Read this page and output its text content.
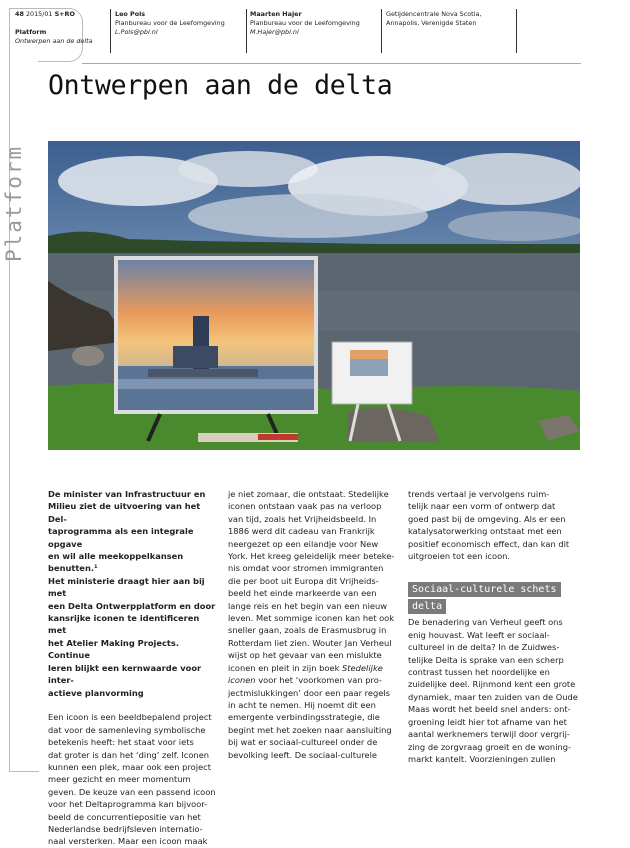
Platform
48 2015/01 S+RO
Platform
Ontwerpen aan de delta
Leo Pols
Planbureau voor de Leefomgeving
L.Pols@pbl.nl
Maarten Hajer
Planbureau voor de Leefomgeving
M.Hajer@pbl.nl
Getijdencentrale Nova Scotia,
Annapolis, Verenigde Staten
Ontwerpen aan de delta

De minister van Infrastructuur en

Milieu ziet de uitvoering van het Del-

taprogramma als een integrale opgave

en wil alle meekoppelkansen benutten.¹

Het ministerie draagt hier aan bij met

een Delta Ontwerpplatform en door

kansrijke iconen te identificeren met

het Atelier Making Projects. Continue

leren blijkt een kernwaarde voor inter-

actieve planvorming

Een icoon is een beeldbepalend project

dat voor de samenleving symbolische

betekenis heeft: het staat voor iets

dat groter is dan het ‘ding’ zelf. Iconen

kunnen een plek, maar ook een project

meer gezicht en meer momentum

geven. De keuze van een passend icoon

voor het Deltaprogramma kan bijvoor-

beeld de concurrentiepositie van het

Nederlandse bedrijfsleven internatio-

naal versterken. Maar een icoon maak

je niet zomaar, die ontstaat. Stedelijke

iconen ontstaan vaak pas na verloop

van tijd, zoals het Vrijheidsbeeld. In

1886 werd dit cadeau van Frankrijk

neergezet op een eilandje voor New

York. Het kreeg geleidelijk meer beteke-

nis omdat voor stromen immigranten

die per boot uit Europa dit Vrijheids-

beeld het einde markeerde van een

lange reis en het begin van een nieuw

leven. Met sommige iconen kan het ook

sneller gaan, zoals de Erasmusbrug in

Rotterdam liet zien. Wouter Jan Verheul

wijst op het gevaar van een mislukte

iconen en pleit in zijn boek Stedelijke

iconen voor het ‘voorkomen van pro-

jectmislukkingen’ door een paar regels

in acht te nemen. Hij noemt dit een

emergente verbindingsstrategie, die

begint met het zoeken naar aansluiting

bij wat er sociaal-cultureel onder de

bevolking leeft. De sociaal-culturele

trends vertaal je vervolgens ruim-

telijk naar een vorm of ontwerp dat

goed past bij de omgeving. Als er een

katalysatorwerking ontstaat met een

positief economisch effect, dan kan dit

uitgroeien tot een icoon.

Sociaal-culturele schets
delta

De benadering van Verheul geeft ons

enig houvast. Wat leeft er sociaal-

cultureel in de delta? In de Zuidwes-

telijke Delta is sprake van een scherp

contrast tussen het noordelijke en

zuidelijke deel. Rijnmond kent een grote

dynamiek, maar ten zuiden van de Oude

Maas wordt het beeld snel anders: ont-

groening leidt hier tot afname van het

aantal werknemers terwijl door vergrij-

zing de zorgvraag groeit en de woning-

markt kantelt. Voorzieningen zullen
